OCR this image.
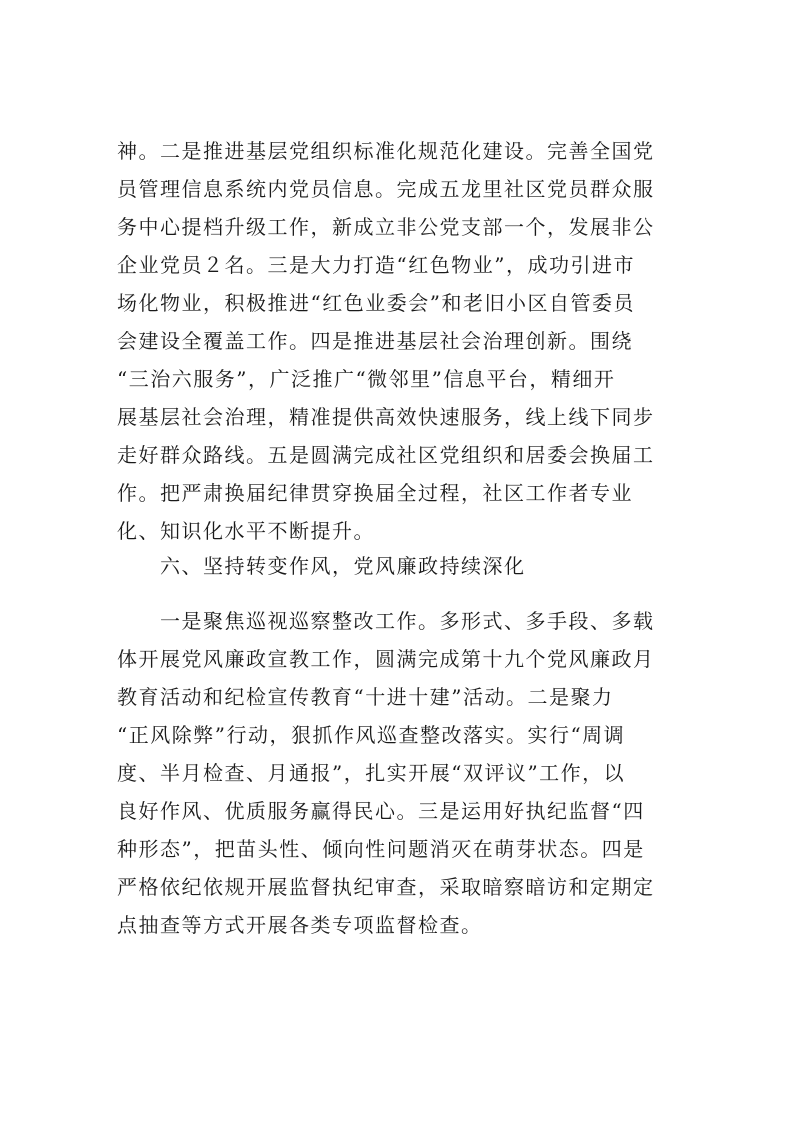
神。二是推进基层党组织标准化规范化建设。完善全国党
员管理信息系统内党员信息。完成五龙里社区党员群众服
务中心提档升级工作，新成立非公党支部一个，发展非公
企业党员２名。三是大力打造“红色物业”，成功引进市
场化物业，积极推进“红色业委会”和老旧小区自管委员
会建设全覆盖工作。四是推进基层社会治理创新。围绕
“三治六服务”，广泛推广“微邻里”信息平台，精细开
展基层社会治理，精准提供高效快速服务，线上线下同步
走好群众路线。五是圆满完成社区党组织和居委会换届工
作。把严肃换届纪律贯穿换届全过程，社区工作者专业
化、知识化水平不断提升。
　　六、坚持转变作风，党风廉政持续深化
　　一是聚焦巡视巡察整改工作。多形式、多手段、多载
体开展党风廉政宣教工作，圆满完成第十九个党风廉政月
教育活动和纪检宣传教育“十进十建”活动。二是聚力
“正风除弊”行动，狠抓作风巡查整改落实。实行“周调
度、半月检查、月通报”，扎实开展“双评议”工作，以
良好作风、优质服务赢得民心。三是运用好执纪监督“四
种形态”，把苗头性、倾向性问题消灭在萌芽状态。四是
严格依纪依规开展监督执纪审查，采取暗察暗访和定期定
点抽查等方式开展各类专项监督检查。
